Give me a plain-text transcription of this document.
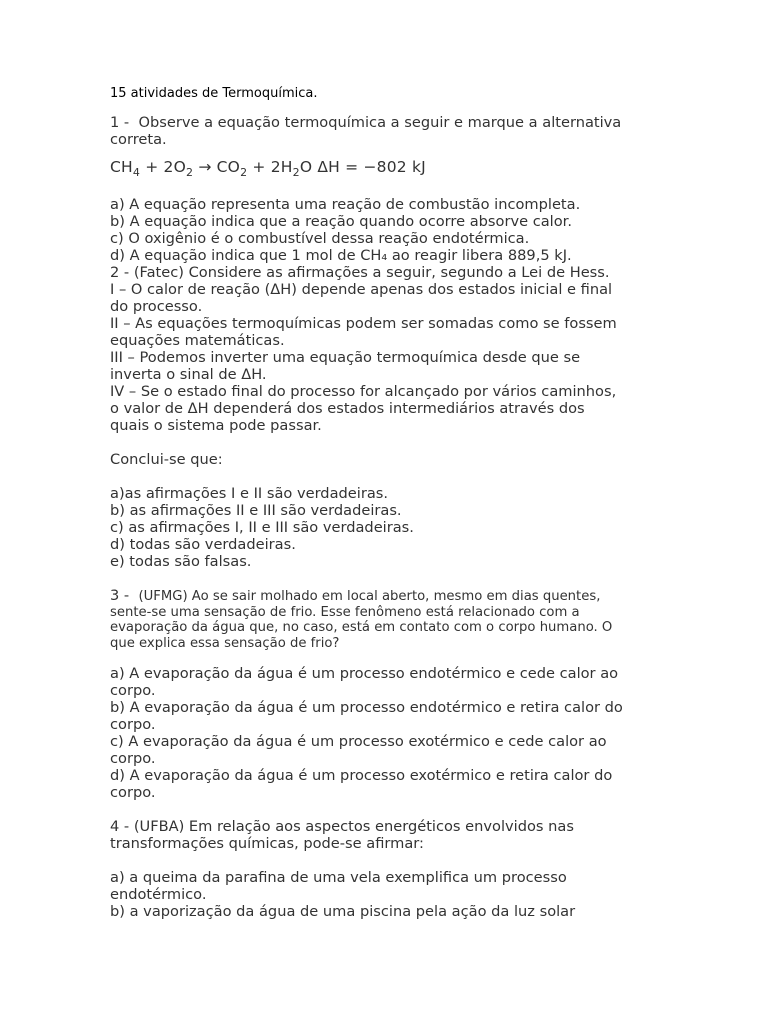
15 atividades de Termoquímica.

1 - Observe a equação termoquímica a seguir e marque a alternativa

correta.

$CH_4 + 2O_2 \to CO_2 + 2H_2O$ ΔH = −802 kJ

a) A equação representa uma reação de combustão incompleta.

b) A equação indica que a reação quando ocorre absorve calor.

c) O oxigênio é o combustível dessa reação endotérmica.

d) A equação indica que 1 mol de CH₄ ao reagir libera 889,5 kJ.

2 - (Fatec) Considere as afirmações a seguir, segundo a Lei de Hess.

I – O calor de reação (ΔH) depende apenas dos estados inicial e final

do processo.

II – As equações termoquímicas podem ser somadas como se fossem

equações matemáticas.

III – Podemos inverter uma equação termoquímica desde que se

inverta o sinal de ΔH.

IV – Se o estado final do processo for alcançado por vários caminhos,

o valor de ΔH dependerá dos estados intermediários através dos

quais o sistema pode passar.

Conclui-se que:

a)as afirmações I e II são verdadeiras.

b) as afirmações II e III são verdadeiras.

c) as afirmações I, II e III são verdadeiras.

d) todas são verdadeiras.

e) todas são falsas.

3 -  (UFMG) Ao se sair molhado em local aberto, mesmo em dias quentes,

sente-se uma sensação de frio. Esse fenômeno está relacionado com a

evaporação da água que, no caso, está em contato com o corpo humano. O

que explica essa sensação de frio?

a) A evaporação da água é um processo endotérmico e cede calor ao

corpo.

b) A evaporação da água é um processo endotérmico e retira calor do

corpo.

c) A evaporação da água é um processo exotérmico e cede calor ao

corpo.

d) A evaporação da água é um processo exotérmico e retira calor do

corpo.

4 - (UFBA) Em relação aos aspectos energéticos envolvidos nas

transformações químicas, pode-se afirmar:

a) a queima da parafina de uma vela exemplifica um processo

endotérmico.

b) a vaporização da água de uma piscina pela ação da luz solar
